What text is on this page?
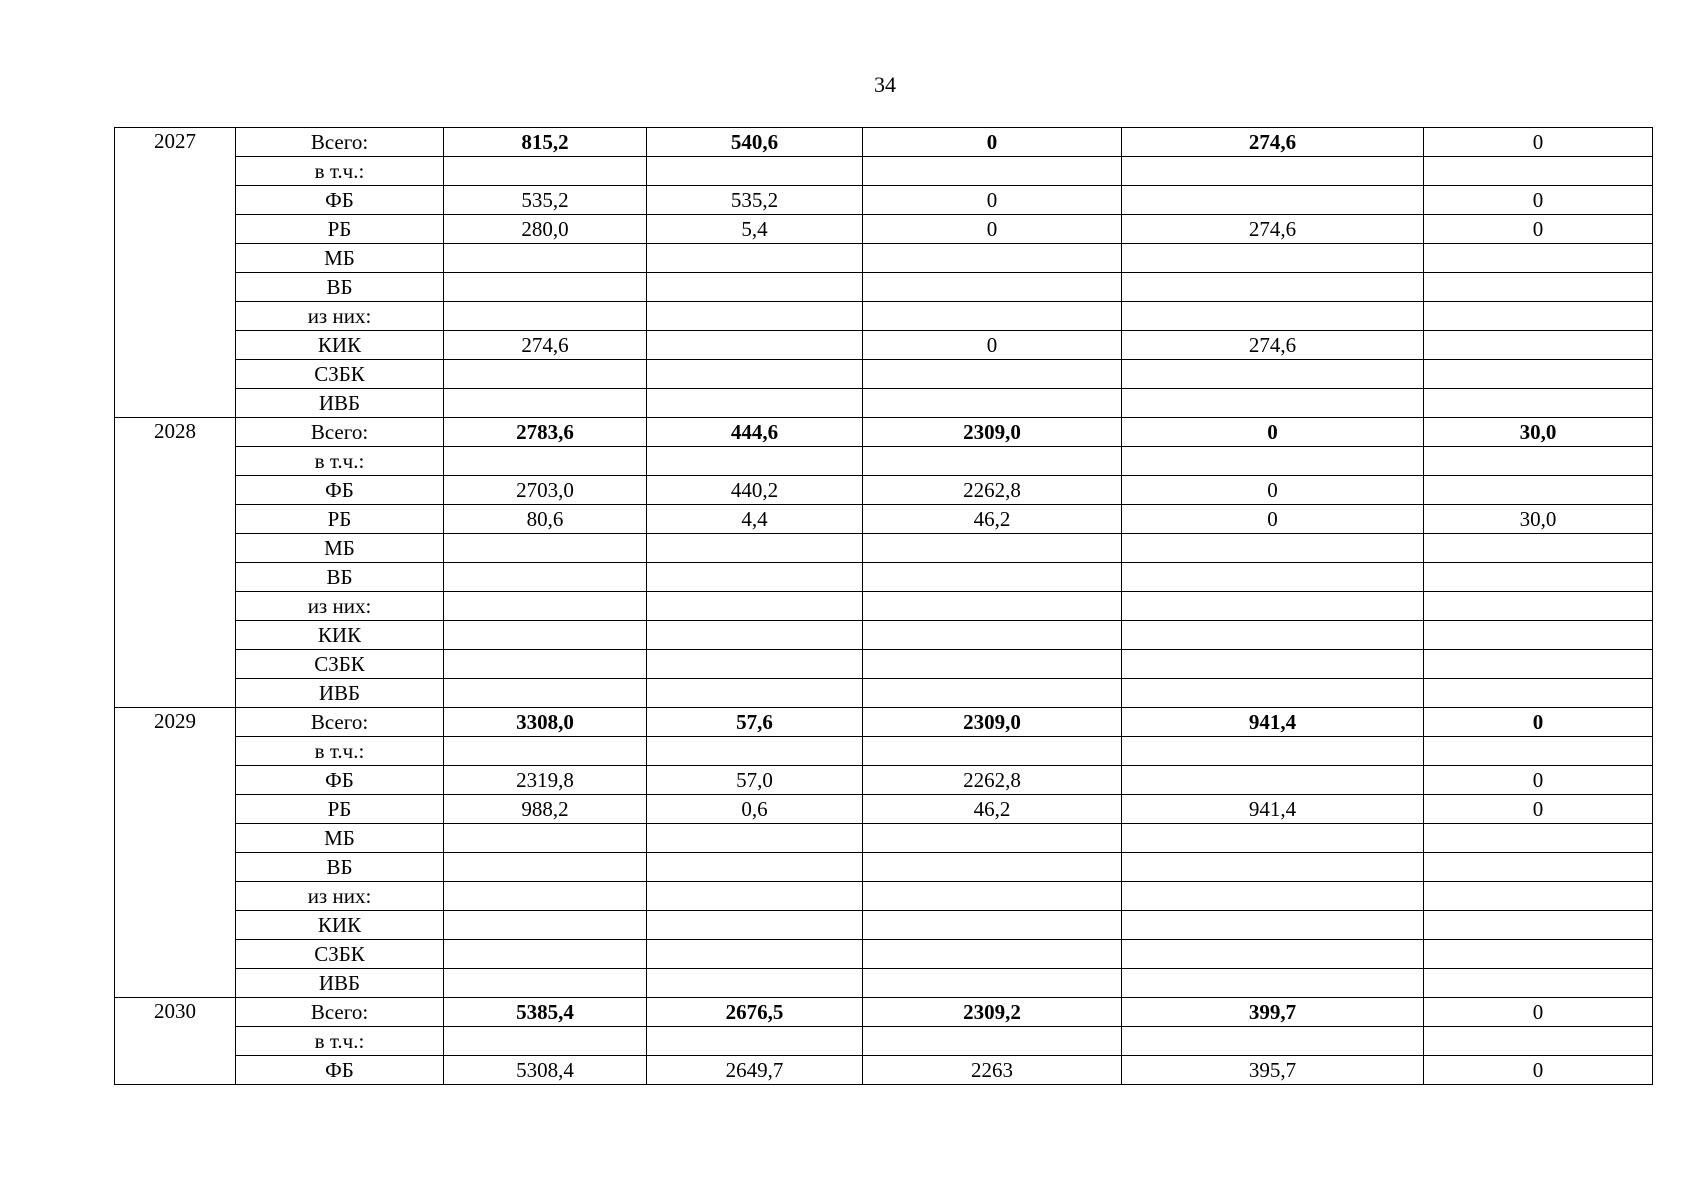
34
2027	Всего:	815,2	540,6	0	274,6	0
	в т.ч.:					
	ФБ	535,2	535,2	0		0
	РБ	280,0	5,4	0	274,6	0
	МБ					
	ВБ					
	из них:					
	КИК	274,6		0	274,6	
	СЗБК					
	ИВБ					
2028	Всего:	2783,6	444,6	2309,0	0	30,0
	в т.ч.:					
	ФБ	2703,0	440,2	2262,8	0	
	РБ	80,6	4,4	46,2	0	30,0
	МБ					
	ВБ					
	из них:					
	КИК					
	СЗБК					
	ИВБ					
2029	Всего:	3308,0	57,6	2309,0	941,4	0
	в т.ч.:					
	ФБ	2319,8	57,0	2262,8		0
	РБ	988,2	0,6	46,2	941,4	0
	МБ					
	ВБ					
	из них:					
	КИК					
	СЗБК					
	ИВБ					
2030	Всего:	5385,4	2676,5	2309,2	399,7	0
	в т.ч.:					
	ФБ	5308,4	2649,7	2263	395,7	0
